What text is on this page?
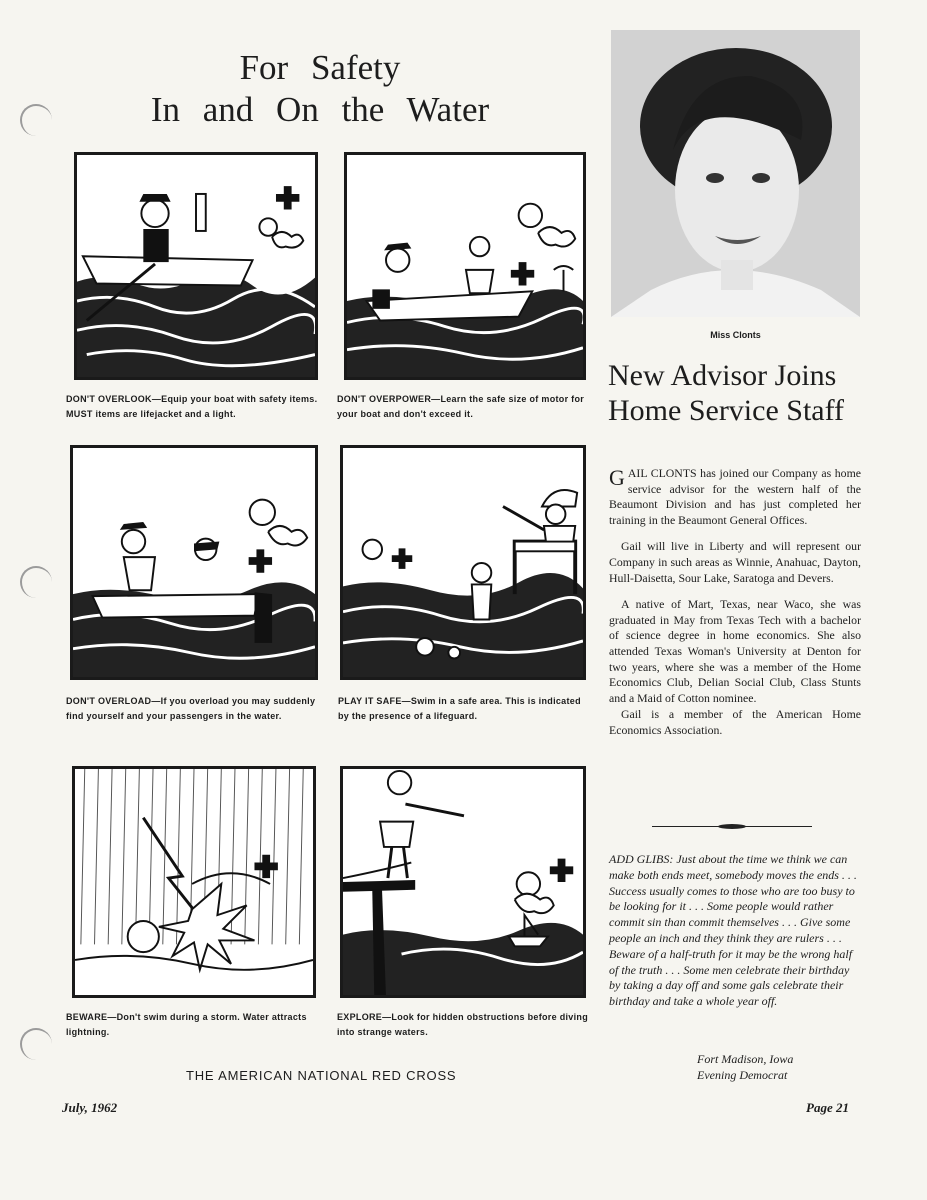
For Safety
In and On the Water
DON'T OVERLOOK—Equip your boat with safety items. MUST items are lifejacket and a light.
DON'T OVERPOWER—Learn the safe size of motor for your boat and don't exceed it.
DON'T OVERLOAD—If you overload you may suddenly find yourself and your passengers in the water.
PLAY IT SAFE—Swim in a safe area. This is indicated by the presence of a lifeguard.
BEWARE—Don't swim during a storm. Water attracts lightning.
EXPLORE—Look for hidden obstructions before diving into strange waters.
THE AMERICAN NATIONAL RED CROSS
Miss Clonts
New Advisor Joins Home Service Staff

GAIL CLONTS has joined our Company as home service advisor for the western half of the Beaumont Division and has just completed her training in the Beaumont General Offices.

Gail will live in Liberty and will represent our Company in such areas as Winnie, Anahuac, Dayton, Hull-Daisetta, Sour Lake, Saratoga and Devers.

A native of Mart, Texas, near Waco, she was graduated in May from Texas Tech with a bachelor of science degree in home economics. She also attended Texas Woman's University at Denton for two years, where she was a member of the Home Economics Club, Delian Social Club, Class Stunts and a Maid of Cotton nominee.

Gail is a member of the American Home Economics Association.

ADD GLIBS: Just about the time we think we can make both ends meet, somebody moves the ends . . . Success usually comes to those who are too busy to be looking for it . . . Some people would rather commit sin than commit themselves . . . Give some people an inch and they think they are rulers . . . Beware of a half-truth for it may be the wrong half of the truth . . . Some men celebrate their birthday by taking a day off and some gals celebrate their birthday and take a whole year off.
Fort Madison, Iowa
Evening Democrat
July, 1962	Page 21
